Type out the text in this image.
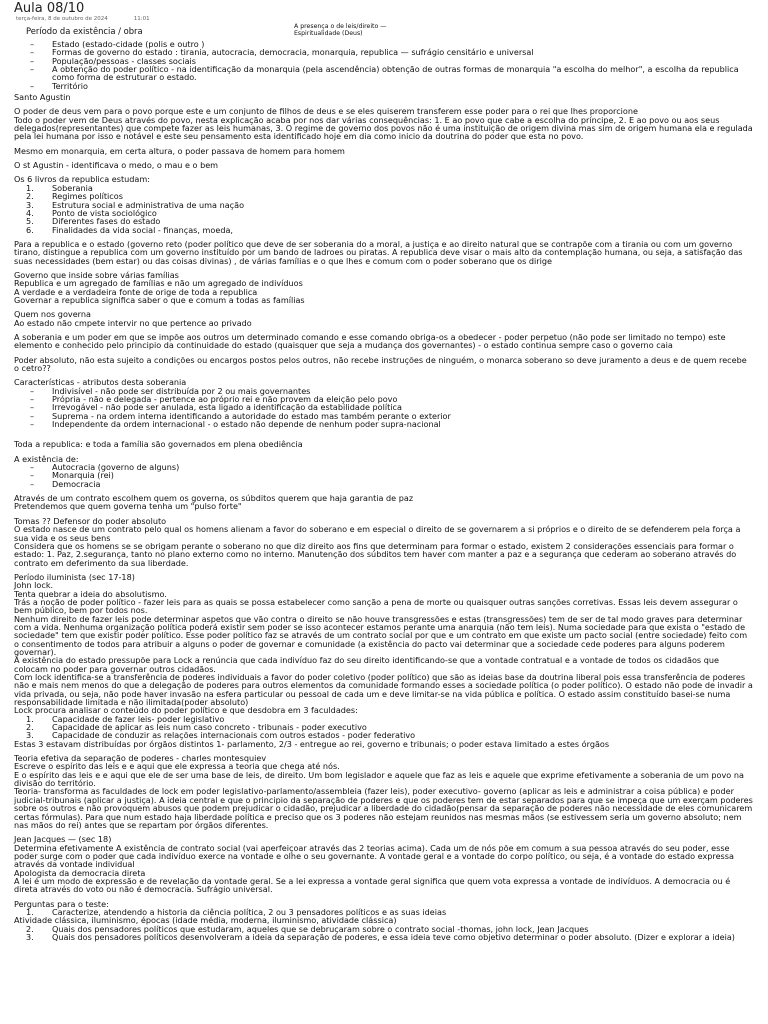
Aula 08/10

terça-feira, 8 de outubro de 2024	11:01

Período da existência / obra	A presença o de leis/direito —
Espiritualidade (Deus)
– Estado (estado-cidade (polis e outro )
– Formas de governo do estado : tirania, autocracia, democracia, monarquia, republica — sufrágio censitário e universal
– População/pessoas - classes sociais
– A obtenção do poder político - na identificação da monarquia (pela ascendência) obtenção de outras formas de monarquia "a escolha do melhor", a escolha da republica como forma de estruturar o estado.
– Território

Santo Agustin

O poder de deus vem para o povo porque este e um conjunto de filhos de deus e se eles quiserem transferem esse poder para o rei que lhes proporcione

Todo o poder vem de Deus através do povo, nesta explicação acaba por nos dar várias consequências: 1. E ao povo que cabe a escolha do príncipe, 2. E ao povo ou aos seus delegados(representantes) que compete fazer as leis humanas, 3. O regime de governo dos povos não é uma instituição de origem divina mas sim de origem humana ela e regulada pela lei humana por isso e notável e este seu pensamento esta identificado hoje em dia como inicio da doutrina do poder que esta no povo.

Mesmo em monarquia, em certa altura, o poder passava de homem para homem

O st Agustin - identificava o medo, o mau e o bem

Os 6 livros da republica estudam:

1. Soberania
2. Regimes políticos
3. Estrutura social e administrativa de uma nação
4. Ponto de vista sociológico
5. Diferentes fases do estado
6. Finalidades da vida social - finanças, moeda,

Para a republica e o estado (governo reto (poder político que deve de ser soberania do a moral, a justiça e ao direito natural que se contrapõe com a tirania ou com um governo tirano, distingue a republica com um governo instituído por um bando de ladroes ou piratas. A republica deve visar o mais alto da contemplação humana, ou seja, a satisfação das suas necessidades (bem estar) ou das coisas divinas) , de várias famílias e o que lhes e comum com o poder soberano que os dirige

Governo que inside sobre várias famílias

Republica e um agregado de famílias e não um agregado de indivíduos

A verdade e a verdadeira fonte de orige de toda a republica

Governar a republica significa saber o que e comum a todas as famílias

Quem nos governa

Ao estado não cmpete intervir no que pertence ao privado

A soberania e um poder em que se impõe aos outros um determinado comando e esse comando obriga-os a obedecer - poder perpetuo (não pode ser limitado no tempo) este elemento e conhecido pelo principio da continuidade do estado (quaisquer que seja a mudança dos governantes) - o estado continua sempre caso o governo caia

Poder absoluto, não esta sujeito a condições ou encargos postos pelos outros, não recebe instruções de ninguém, o monarca soberano so deve juramento a deus e de quem recebe o cetro??

Características - atributos desta soberania

– Indivisível - não pode ser distribuída por 2 ou mais governantes
– Própria - não e delegada - pertence ao próprio rei e não provem da eleição pelo povo
– Irrevogável - não pode ser anulada, esta ligado a identificação da estabilidade política
– Suprema - na ordem interna identificando a autoridade do estado mas também perante o exterior
– Independente da ordem internacional - o estado não depende de nenhum poder supra-nacional

Toda a republica: e toda a família são governados em plena obediência

A existência de:

– Autocracia (governo de alguns)
– Monarquia (rei)
– Democracia

Através de um contrato escolhem quem os governa, os súbditos querem que haja garantia de paz

Pretendemos que quem governa tenha um "pulso forte"

Tomas ?? Defensor do poder absoluto

O estado nasce de um contrato pelo qual os homens alienam a favor do soberano e em especial o direito de se governarem a si próprios e o direito de se defenderem pela força a sua vida e os seus bens

Considera que os homens se se obrigam perante o soberano no que diz direito aos fins que determinam para formar o estado, existem 2 considerações essenciais para formar o estado: 1. Paz, 2.segurança, tanto no plano externo como no interno. Manutenção dos súbditos tem haver com manter a paz e a segurança que cederam ao soberano através do contrato em deferimento da sua liberdade.

Período iluminista (sec 17-18)

John lock.

Tenta quebrar a ideia do absolutismo.

Trás a noção de poder político - fazer leis para as quais se possa estabelecer como sanção a pena de morte ou quaisquer outras sanções corretivas. Essas leis devem assegurar o bem público, bem por todos nos.

Nenhum direito de fazer leis pode determinar aspetos que vão contra o direito se não houve transgressões e estas (transgressões) tem de ser de tal modo graves para determinar com a vida. Nenhuma organização política poderá existir sem poder se isso acontecer estamos perante uma anarquia (não tem leis). Numa sociedade para que exista o "estado de sociedade" tem que existir poder político. Esse poder político faz se através de um contrato social por que e um contrato em que existe um pacto social (entre sociedade) feito com o consentimento de todos para atribuir a alguns o poder de governar e comunidade (a existência do pacto vai determinar que a sociedade cede poderes para alguns poderem governar).

A existência do estado pressupõe para Lock a renúncia que cada indivíduo faz do seu direito identificando-se que a vontade contratual e a vontade de todos os cidadãos que colocam no poder para governar outros cidadãos.

Com lock identifica-se a transferência de poderes individuais a favor do poder coletivo (poder político) que são as ideias base da doutrina liberal pois essa transferência de poderes não e mais nem menos do que a delegação de poderes para outros elementos da comunidade formando esses a sociedade política (o poder político). O estado não pode de invadir a vida privada, ou seja, não pode haver invasão na esfera particular ou pessoal de cada um e deve limitar-se na vida pública e política. O estado assim constituído basei-se numa responsabilidade limitada e não ilimitada(poder absoluto)

Lock procura analisar o conteúdo do poder político e que desdobra em 3 faculdades:

1. Capacidade de fazer leis- poder legislativo
2. Capacidade de aplicar as leis num caso concreto - tribunais - poder executivo
3. Capacidade de conduzir as relações internacionais com outros estados - poder federativo

Estas 3 estavam distribuídas por órgãos distintos 1- parlamento, 2/3 - entregue ao rei, governo e tribunais; o poder estava limitado a estes órgãos

Teoria efetiva da separação de poderes - charles montesquiev

Escreve o espírito das leis e e aqui que ele expressa a teoria que chega até nós.

E o espírito das leis e e aqui que ele de ser uma base de leis, de direito. Um bom legislador e aquele que faz as leis e aquele que exprime efetivamente a soberania de um povo na divisão do território.

Teoria- transforma as faculdades de lock em poder legislativo-parlamento/assembleia (fazer leis), poder executivo- governo (aplicar as leis e administrar a coisa pública) e poder judicial-tribunais (aplicar a justiça). A ideia central e que o principio da separação de poderes e que os poderes tem de estar separados para que se impeça que um exerçam poderes sobre os outros e não provoquem abusos que podem prejudicar o cidadão, prejudicar a liberdade do cidadão(pensar da separação de poderes não necessidade de eles comunicarem certas fórmulas). Para que num estado haja liberdade política e preciso que os 3 poderes não estejam reunidos nas mesmas mãos (se estivessem seria um governo absoluto; nem nas mãos do rei) antes que se repartam por órgãos diferentes.

Jean Jacques — (sec 18)

Determina efetivamente A existência de contrato social (vai aperfeiçoar através das 2 teorias acima). Cada um de nós põe em comum a sua pessoa através do seu poder, esse poder surge com o poder que cada indivíduo exerce na vontade e olhe o seu governante. A vontade geral e a vontade do corpo político, ou seja, é a vontade do estado expressa através da vontade individual

Apologista da democracia direta

A lei é um modo de expressão e de revelação da vontade geral. Se a lei expressa a vontade geral significa que quem vota expressa a vontade de indivíduos. A democracia ou é direta através do voto ou não é democracia. Sufrágio universal.

Perguntas para o teste:

1. Caracterize, atendendo a historia da ciência política, 2 ou 3 pensadores políticos e as suas ideias
Atividade clássica, iluminismo, épocas (idade média, moderna, iluminismo, atividade clássica)
2. Quais dos pensadores políticos que estudaram, aqueles que se debruçaram sobre o contrato social -thomas, john lock, Jean Jacques
3. Quais dos pensadores políticos desenvolveram a ideia da separação de poderes, e essa ideia teve como objetivo determinar o poder absoluto. (Dizer e explorar a ideia)
